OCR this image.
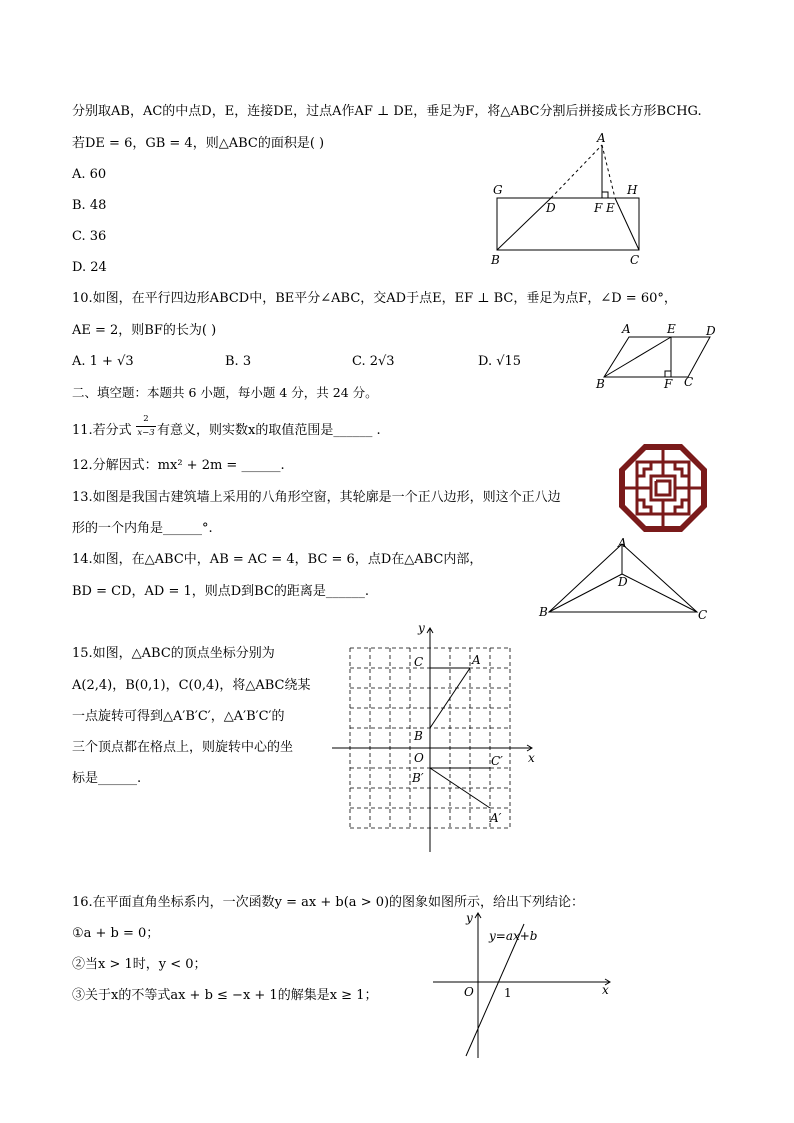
分别取AB，AC的中点D，E，连接DE，过点A作AF ⊥ DE，垂足为F，将△ABC分割后拼接成长方形BCHG.
若DE = 6，GB = 4，则△ABC的面积是( )
A. 60
B. 48
C. 36
D. 24
A
G	H
D	F E
B	C
10.如图，在平行四边形ABCD中，BE平分∠ABC，交AD于点E，EF ⊥ BC，垂足为点F，∠D = 60°，
AE = 2，则BF的长为( )
A. 1 + √3	B. 3	C. 2√3	D. √15
A	E	D
B	F C
二、填空题：本题共 6 小题，每小题 4 分，共 24 分。
11.若分式
2
x−3 有意义，则实数x的取值范围是______ .
12.分解因式：mx² + 2m = ______.
13.如图是我国古建筑墙上采用的八角形空窗，其轮廓是一个正八边形，则这个正八边
形的一个内角是______°.
14.如图，在△ABC中，AB = AC = 4，BC = 6，点D在△ABC内部，
BD = CD，AD = 1，则点D到BC的距离是______.
A
D
B	C
15.如图，△ABC的顶点坐标分别为
A(2,4)，B(0,1)，C(0,4)，将△ABC绕某
一点旋转可得到△A′B′C′，△A′B′C′的
三个顶点都在格点上，则旋转中心的坐
标是______.
y
x
O
C	A
B
B′
C′
A′
16.在平面直角坐标系内，一次函数y = ax + b(a > 0)的图象如图所示，给出下列结论：
①a + b = 0；
②当x > 1时，y < 0；
③关于x的不等式ax + b ≤ −x + 1的解集是x ≥ 1；
y
x
O
y=ax+b
1
